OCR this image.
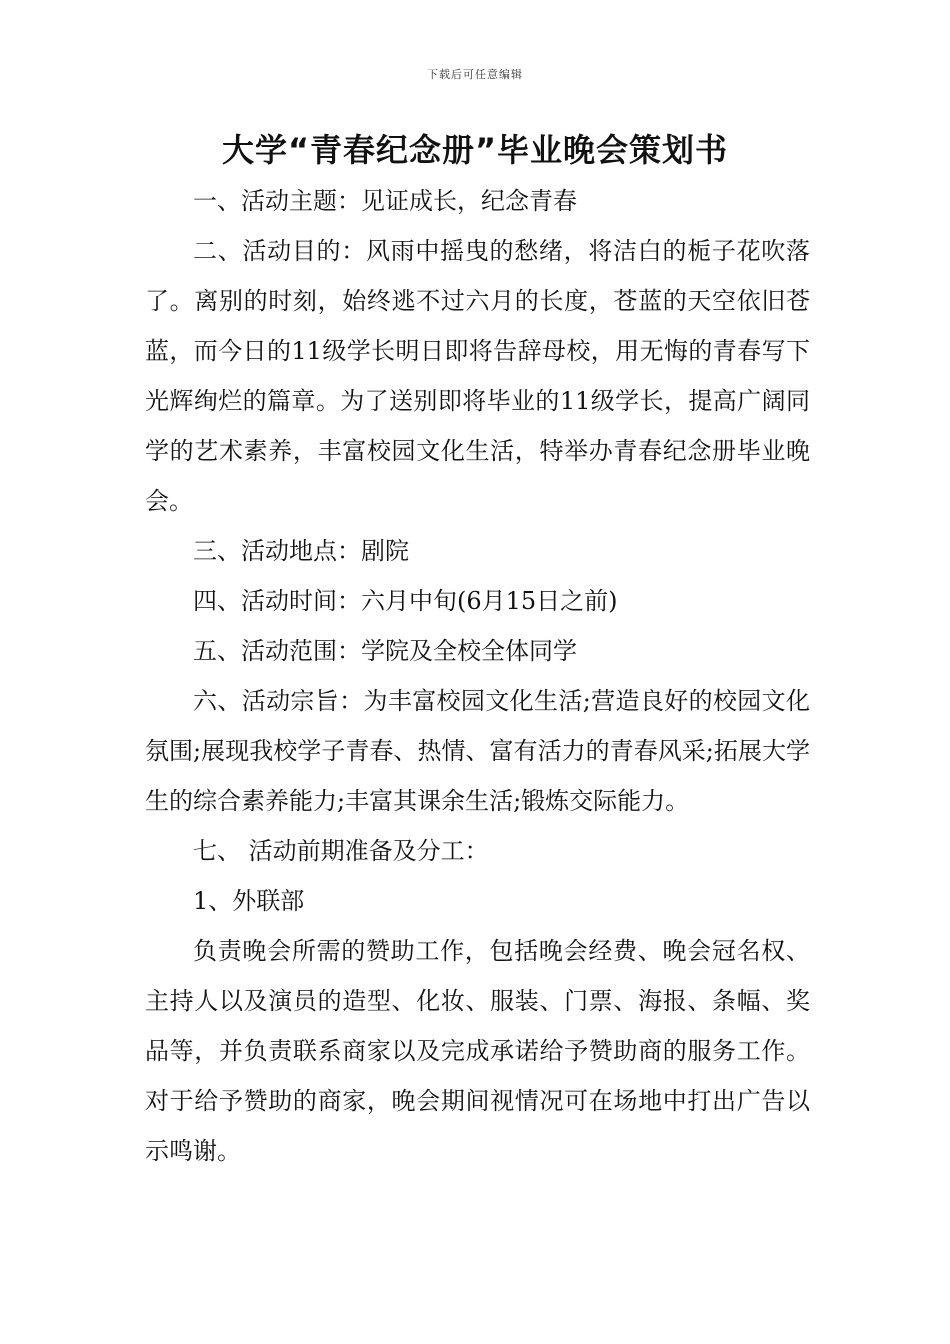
下载后可任意编辑
大学“青春纪念册”毕业晚会策划书

一、活动主题：见证成长，纪念青春

二、活动目的：风雨中摇曳的愁绪，将洁白的栀子花吹落了。离别的时刻，始终逃不过六月的长度，苍蓝的天空依旧苍蓝，而今日的11级学长明日即将告辞母校，用无悔的青春写下光辉绚烂的篇章。为了送别即将毕业的11级学长，提高广阔同学的艺术素养，丰富校园文化生活，特举办青春纪念册毕业晚会。

三、活动地点：剧院

四、活动时间：六月中旬(6月15日之前)

五、活动范围：学院及全校全体同学

六、活动宗旨：为丰富校园文化生活;营造良好的校园文化氛围;展现我校学子青春、热情、富有活力的青春风采;拓展大学生的综合素养能力;丰富其课余生活;锻炼交际能力。

七、 活动前期准备及分工：

1、外联部

负责晚会所需的赞助工作，包括晚会经费、晚会冠名权、主持人以及演员的造型、化妆、服装、门票、海报、条幅、奖品等，并负责联系商家以及完成承诺给予赞助商的服务工作。对于给予赞助的商家，晚会期间视情况可在场地中打出广告以示鸣谢。
